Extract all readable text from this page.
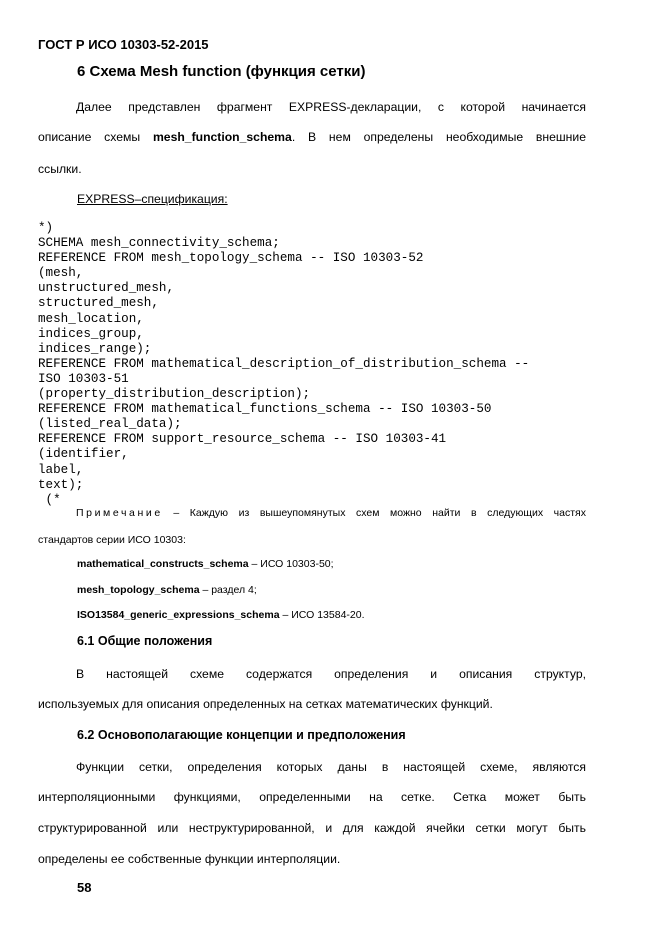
ГОСТ Р ИСО 10303-52-2015
6 Схема Mesh function (функция сетки)
Далее представлен фрагмент EXPRESS-декларации, с которой начинается
описание схемы mesh_function_schema. В нем определены необходимые внешние
ссылки.
EXPRESS–спецификация:
*)
SCHEMA mesh_connectivity_schema;
REFERENCE FROM mesh_topology_schema -- ISO 10303-52
(mesh,
unstructured_mesh,
structured_mesh,
mesh_location,
indices_group,
indices_range);
REFERENCE FROM mathematical_description_of_distribution_schema --
ISO 10303-51
(property_distribution_description);
REFERENCE FROM mathematical_functions_schema -- ISO 10303-50
(listed_real_data);
REFERENCE FROM support_resource_schema -- ISO 10303-41
(identifier,
label,
text);
(*
Примечание – Каждую из вышеупомянутых схем можно найти в следующих частях
стандартов серии ИСО 10303:
mathematical_constructs_schema – ИСО 10303-50;
mesh_topology_schema – раздел 4;
ISO13584_generic_expressions_schema – ИСО 13584-20.
6.1 Общие положения
В настоящей схеме содержатся определения и описания структур,
используемых для описания определенных на сетках математических функций.
6.2 Основополагающие концепции и предположения
Функции сетки, определения которых даны в настоящей схеме, являются
интерполяционными функциями, определенными на сетке. Сетка может быть
структурированной или неструктурированной, и для каждой ячейки сетки могут быть
определены ее собственные функции интерполяции.
58
